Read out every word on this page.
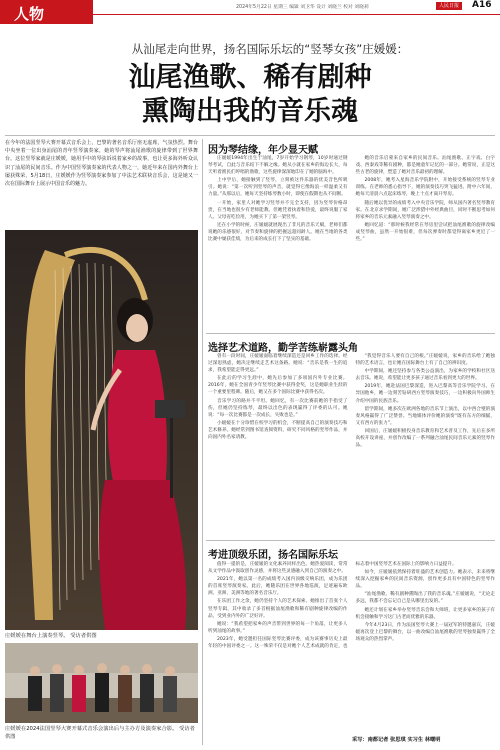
人物	2024年5月22日 星期三 编辑 刘卫华 设计 刘晓兰 校对 刘晓莉	人民日报	A16
从汕尾走向世界，扬名国际乐坛的“竖琴女孩”庄媛媛：
汕尾渔歌、稀有剧种
熏陶出我的音乐魂
在今年的法国竖琴大赛开幕式音乐会上，巴黎的著名音乐厅座无虚席，气氛热烈。舞台中央坐着一位出身汕尾的青年竖琴演奏家，她的琴声将汕尾渔歌的旋律带到了世界舞台。这位竖琴家就是庄媛媛，她用手中的琴弦诉说着家乡的故事，也让更多海外听众认识了汕尾的民间音乐。作为中国竖琴演奏家的代表人物之一，她近年来在国内外舞台上屡获殊荣，5月18日，庄媛媛作为竖琴演奏家参加了中法艺术联袂音乐会，这是她又一次在国际舞台上展示中国音乐的魅力。
庄媛媛在舞台上演奏竖琴。 受访者供图
庄媛媛在2024法国竖琴大赛开幕式音乐会演出后与主办方及演奏家合影。 受访者供图
因为琴结缘，年少显天赋

庄媛媛1994年出生于汕尾，7岁开始学习钢琴，10岁时通过钢琴考试，自此与音乐结下不解之缘。她从小就在家乡的海边长大，每天听着渔民们哼唱的渔歌，这些旋律深深地印在了她的脑海中。

上中学后，她接触到了竖琴，立刻被这件乐器的优美音色所吸引。她说：“第一次听到竖琴的声音，就觉得它像海浪一样温柔又有力量。”从那以后，她每天坚持练琴数小时，即使在假期也从不间断。

一开始，家里人对她学习竖琴并不完全支持，因为竖琴价格昂贵，在当地也很少有老师能教。但她凭着执着和热爱，最终说服了家人。父母省吃俭用，为她买下了第一架竖琴。

还在小学的时候，庄媛媛就展现出了非凡的音乐天赋，老师们都说她的乐感很好，对节奏和旋律的把握远超同龄人。她在当地的各类比赛中屡获佳绩，为后来的成长打下了坚实的基础。

她的音乐启蒙来自家乡的民间音乐。汕尾渔歌、正字戏、白字戏、西秦戏等稀有剧种，都是她童年记忆的一部分。她常说，正是这些古老的旋律，塑造了她对音乐最初的理解。

2008年，她考入星海音乐学院附中，开始接受系统的竖琴专业训练。在老师的悉心指导下，她的演奏技巧突飞猛进。附中六年间，她每天清晨六点起床练琴，晚上十点才离开琴房。

随后她以优异的成绩考入中央音乐学院，师从国内著名竖琴教育家。在北京求学期间，她广泛涉猎中外经典曲目，同时不断思考如何将家乡的音乐元素融入竖琴演奏之中。

她回忆道：“那时候我经常在琴房里尝试把汕尾渔歌的旋律改编成竖琴曲，虽然一开始很难，但每次弹奏时都觉得离家乡更近了一些。”

选择艺术道路，勤学苦练崭露头角

曾有一段时间，庄媛媛面临着继续深造还是回乡工作的选择。经过深思熟虑，她决定继续走艺术这条路。她说：“音乐是我一生的追求，我希望能走得更远。”

在此后的学习生涯中，她先后参加了多项国内外专业比赛。2016年，她在全国青少年竖琴比赛中获得金奖，这是她职业生涯的一个重要里程碑。随后，她又在多个国际比赛中获得名次。

音乐学习的路并不平坦。她回忆，有一次比赛前她的手指受了伤，但她仍坚持练琴，最终以出色的表现赢得了评委的认可。她说：“每一次比赛都是一次成长，失败也是。”

小媛媛在十分珍惜在校学习的机会，不断提高自己的演奏技巧和艺术修养。她经常到图书馆查阅资料，研究不同风格的竖琴作品，并向国内外名家请教。

“我觉得音乐人要有自己的根。”庄媛媛说，家乡的音乐给了她独特的艺术语言，也让她在国际舞台上有了自己的辨识度。

中学期间，她还坚持参与各类公益演出，为家乡的学校和社区送去音乐。她说，希望能让更多孩子通过音乐看到更大的世界。

2019年，她赴法国巴黎深造，进入巴黎高等音乐学院学习。在异国他乡，她一边刻苦钻研西方竖琴演奏技巧，一边积极向外国师生介绍中国的民族音乐。

留学期间，她多次在欧洲各地的音乐节上演出，以中西合璧的演奏风格赢得了广泛赞誉。当地媒体评价她的演奏“既有东方的细腻，又有西方的张力”。

回国后，庄媛媛积极投身音乐教育和艺术普及工作，先后在多所高校开设讲座，并创作改编了一系列融合汕尾民间音乐元素的竖琴作品。

考进顶级乐团，扬名国际乐坛

值得一提的是，庄媛媛的文化素养同样出色。她热爱阅读，常常从文学作品中汲取创作灵感，并将这些灵感融入到自己的演奏之中。

2021年，她以第一名的成绩考入国内顶级交响乐团，成为乐团的首席竖琴演奏家。此后，她随乐团在世界各地巡演，足迹遍布欧洲、亚洲、美洲等地的著名音乐厅。

在乐团工作之余，她仍坚持个人的艺术探索。她推出了首张个人竖琴专辑，其中收录了多首根据汕尾渔歌和稀有剧种旋律改编的作品，受到业内外的广泛好评。

她说：“我希望把家乡的声音带到世界的每一个角落，让更多人听到汕尾的故事。”

2023年，她受邀担任国际竖琴比赛评委，成为该赛事历史上最年轻的中国评委之一。这一殊荣不仅是对她个人艺术成就的肯定，也标志着中国竖琴艺术在国际上的影响力日益提升。

如今，庄媛媛依然保持着旺盛的艺术创造力。她表示，未来将继续深入挖掘家乡的民间音乐资源，创作更多具有中国特色的竖琴作品。

“汕尾渔歌、稀有剧种熏陶出了我的音乐魂。”庄媛媛说，“无论走多远，我都不会忘记自己是从哪里出发的。”

她还计划在家乡举办竖琴音乐会和大师班，让更多家乡的孩子有机会接触和学习这门古老而优雅的乐器。

今年4月23日，作为法国竖琴大赛上一届冠军的特邀嘉宾，庄媛媛再次登上巴黎的舞台，以一曲改编自汕尾渔歌的竖琴独奏赢得了全场观众的热烈掌声。

采写：南都记者 张思琪 实习生 林曙明
